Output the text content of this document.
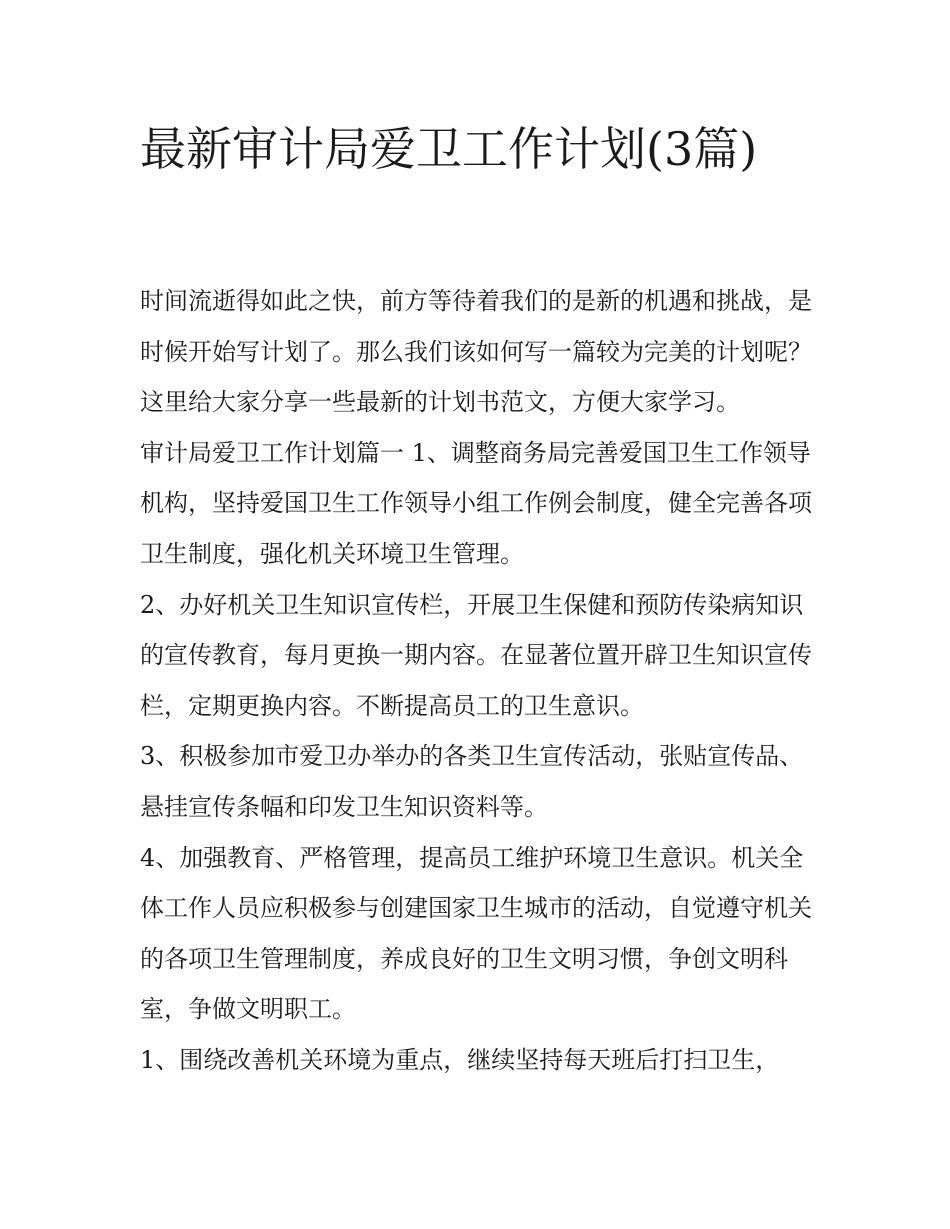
最新审计局爱卫工作计划(3篇)

时间流逝得如此之快，前方等待着我们的是新的机遇和挑战，是时候开始写计划了。那么我们该如何写一篇较为完美的计划呢？这里给大家分享一些最新的计划书范文，方便大家学习。

审计局爱卫工作计划篇一 1、调整商务局完善爱国卫生工作领导机构，坚持爱国卫生工作领导小组工作例会制度，健全完善各项卫生制度，强化机关环境卫生管理。

2、办好机关卫生知识宣传栏，开展卫生保健和预防传染病知识的宣传教育，每月更换一期内容。在显著位置开辟卫生知识宣传栏，定期更换内容。不断提高员工的卫生意识。

3、积极参加市爱卫办举办的各类卫生宣传活动，张贴宣传品、悬挂宣传条幅和印发卫生知识资料等。

4、加强教育、严格管理，提高员工维护环境卫生意识。机关全体工作人员应积极参与创建国家卫生城市的活动，自觉遵守机关的各项卫生管理制度，养成良好的卫生文明习惯，争创文明科室，争做文明职工。

1、围绕改善机关环境为重点，继续坚持每天班后打扫卫生，
